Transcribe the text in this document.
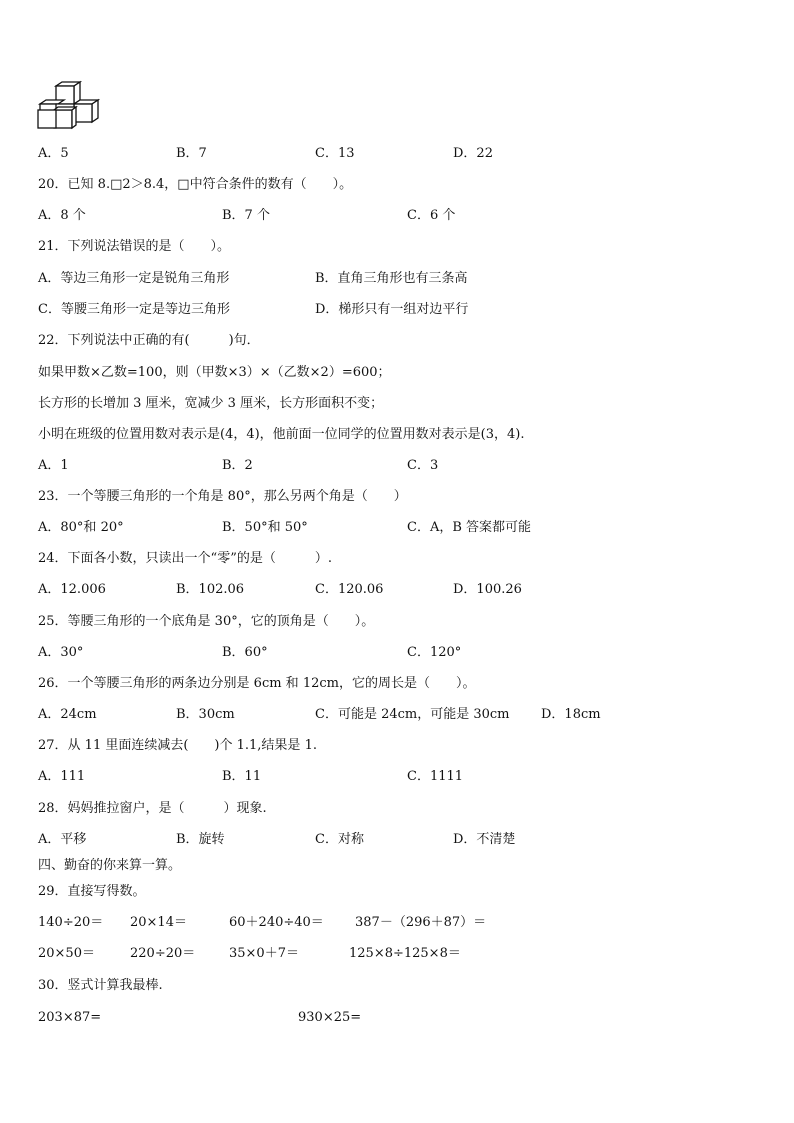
A．5	B．7	C．13	D．22
20．已知 8.□2＞8.4，□中符合条件的数有（　　）。
A．8 个	B．7 个	C．6 个
21．下列说法错误的是（　　）。
A．等边三角形一定是锐角三角形	B．直角三角形也有三条高
C．等腰三角形一定是等边三角形	D．梯形只有一组对边平行
22．下列说法中正确的有(　　　)句．
如果甲数×乙数=100，则（甲数×3）×（乙数×2）=600；
长方形的长增加 3 厘米，宽减少 3 厘米，长方形面积不变；
小明在班级的位置用数对表示是(4，4)，他前面一位同学的位置用数对表示是(3，4).
A．1	B．2	C．3
23．一个等腰三角形的一个角是 80°，那么另两个角是（　　）
A．80°和 20°	B．50°和 50°	C．A，B 答案都可能
24．下面各小数，只读出一个“零”的是（　　　）.
A．12.006	B．102.06	C．120.06	D．100.26
25．等腰三角形的一个底角是 30°，它的顶角是（　　）。
A．30°	B．60°	C．120°
26．一个等腰三角形的两条边分别是 6cm 和 12cm，它的周长是（　　）。
A．24cm	B．30cm	C．可能是 24cm，可能是 30cm D．18cm
27．从 11 里面连续减去(　　)个 1.1,结果是 1.
A．111	B．11	C．1111
28．妈妈推拉窗户，是（　　　）现象.
A．平移	B．旋转	C．对称	D．不清楚
四、勤奋的你来算一算。
29．直接写得数。
140÷20＝ 20×14＝	60＋240÷40＝ 387－（296＋87）＝
20×50＝	220÷20＝	35×0＋7＝	125×8÷125×8＝
30．竖式计算我最棒.
203×87=	930×25=
